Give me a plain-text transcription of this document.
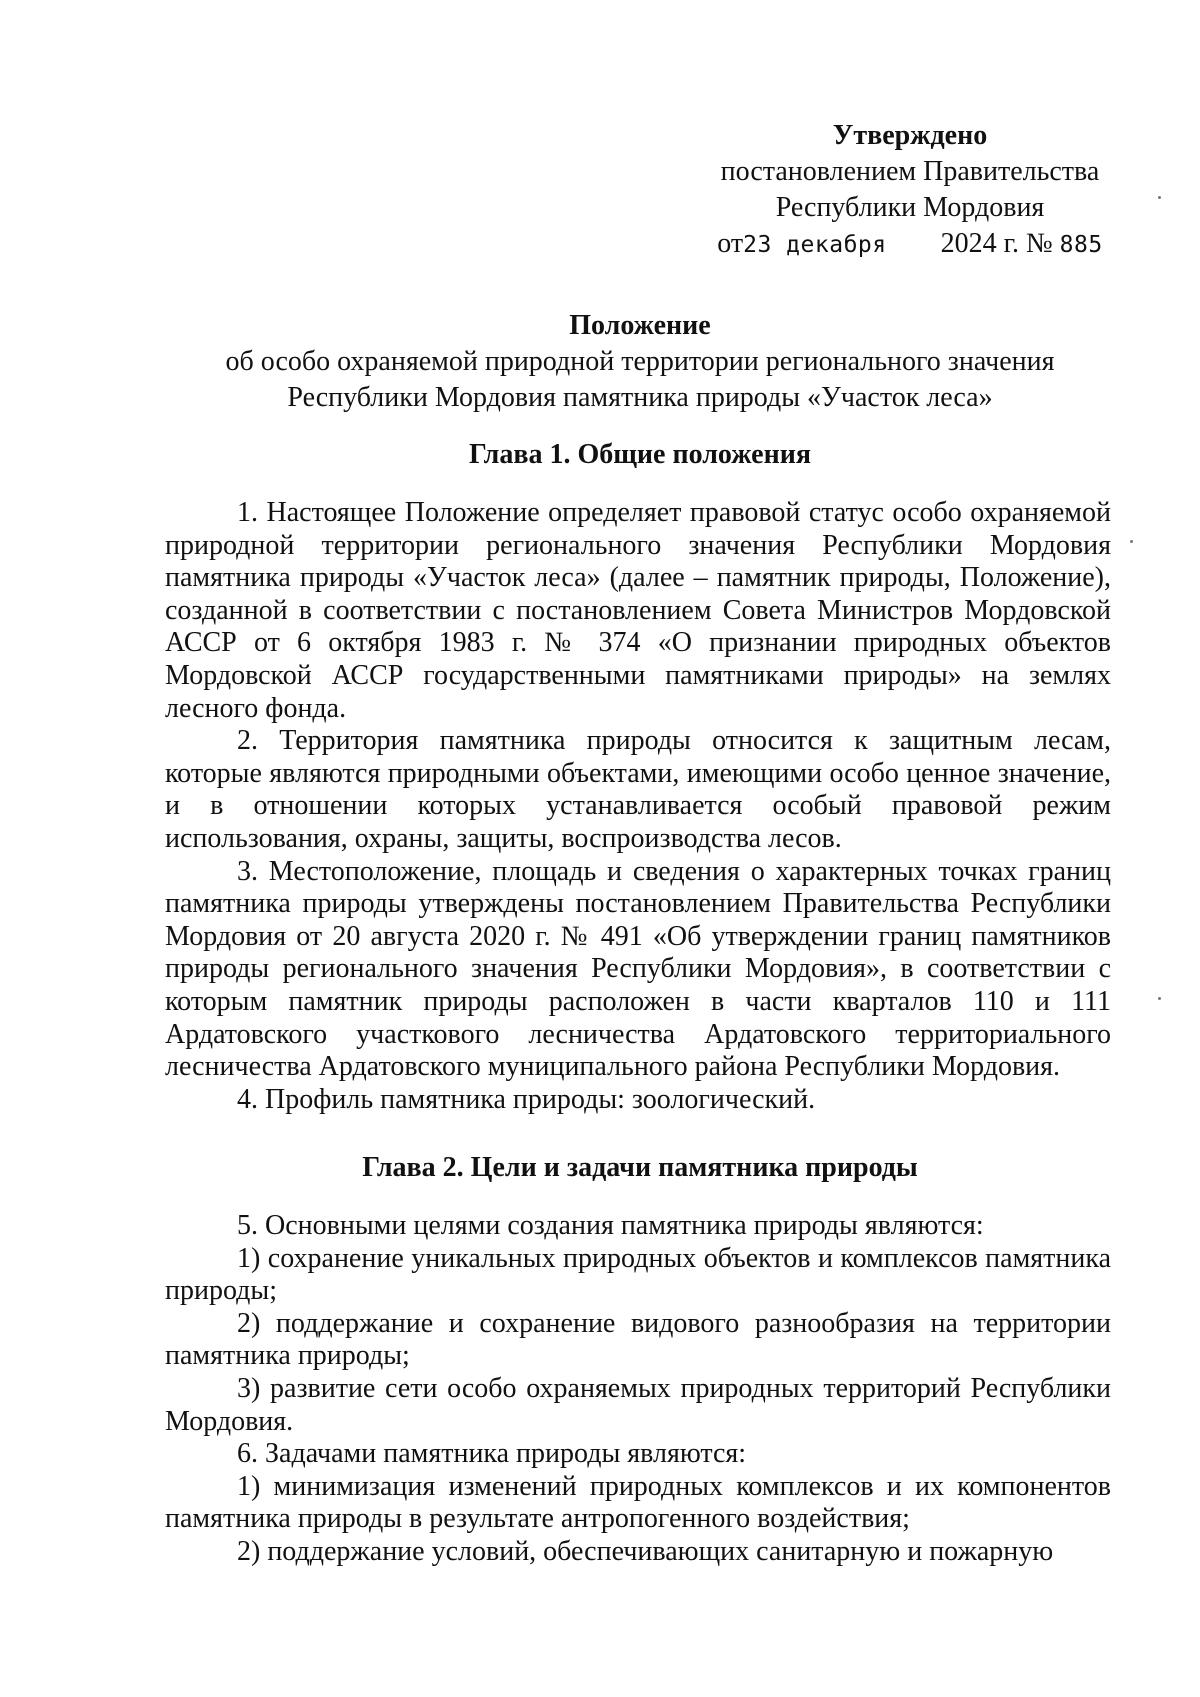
Утверждено
постановлением Правительства
Республики Мордовия
от23 декабря 2024 г. № 885
Положение
об особо охраняемой природной территории регионального значения
Республики Мордовия памятника природы «Участок леса»
Глава 1. Общие положения

1. Настоящее Положение определяет правовой статус особо охраняемой природной территории регионального значения Республики Мордовия памятника природы «Участок леса» (далее – памятник природы, Положение), созданной в соответствии с постановлением Совета Министров Мордовской АССР от 6 октября 1983 г. № 374 «О признании природных объектов Мордовской АССР государственными памятниками природы» на землях лесного фонда.

2. Территория памятника природы относится к защитным лесам, которые являются природными объектами, имеющими особо ценное значение, и в отношении которых устанавливается особый правовой режим использования, охраны, защиты, воспроизводства лесов.

3. Местоположение, площадь и сведения о характерных точках границ памятника природы утверждены постановлением Правительства Республики Мордовия от 20 августа 2020 г. № 491 «Об утверждении границ памятников природы регионального значения Республики Мордовия», в соответствии с которым памятник природы расположен в части кварталов 110 и 111 Ардатовского участкового лесничества Ардатовского территориального лесничества Ардатовского муниципального района Республики Мордовия.

4. Профиль памятника природы: зоологический.

Глава 2. Цели и задачи памятника природы

5. Основными целями создания памятника природы являются:

1) сохранение уникальных природных объектов и комплексов памятника природы;

2) поддержание и сохранение видового разнообразия на территории памятника природы;

3) развитие сети особо охраняемых природных территорий Республики Мордовия.

6. Задачами памятника природы являются:

1) минимизация изменений природных комплексов и их компонентов памятника природы в результате антропогенного воздействия;

2) поддержание условий, обеспечивающих санитарную и пожарную
